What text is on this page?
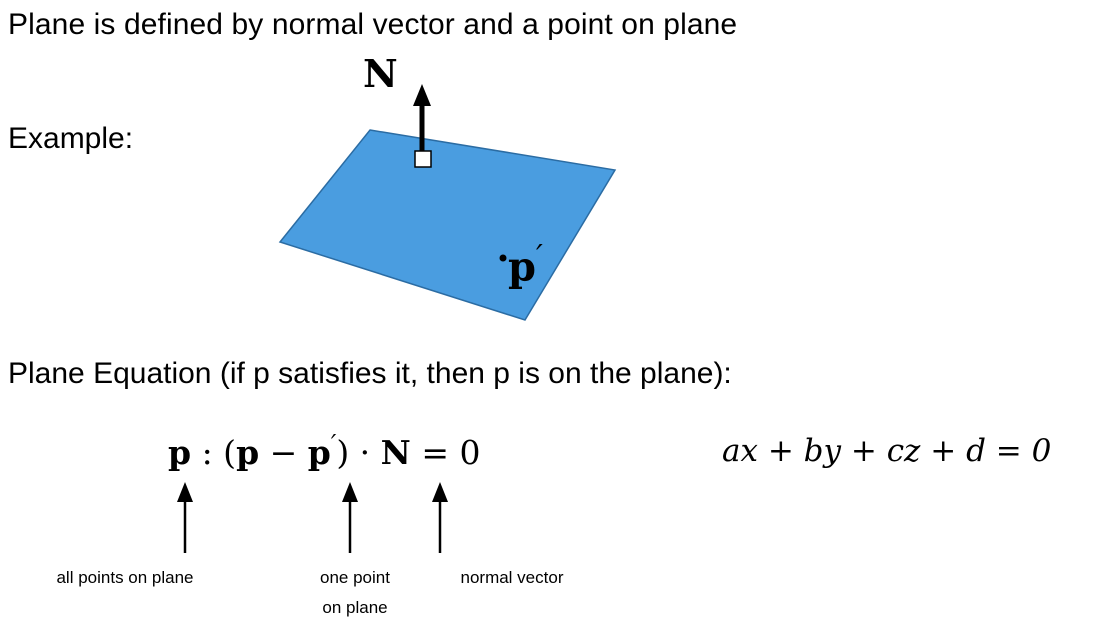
Plane is defined by normal vector and a point on plane
Example:
N
p′
Plane Equation (if p satisfies it, then p is on the plane):
p : (p − p′) · N = 0	ax + by + cz + d = 0
all points on plane	one point
on plane
normal vector
